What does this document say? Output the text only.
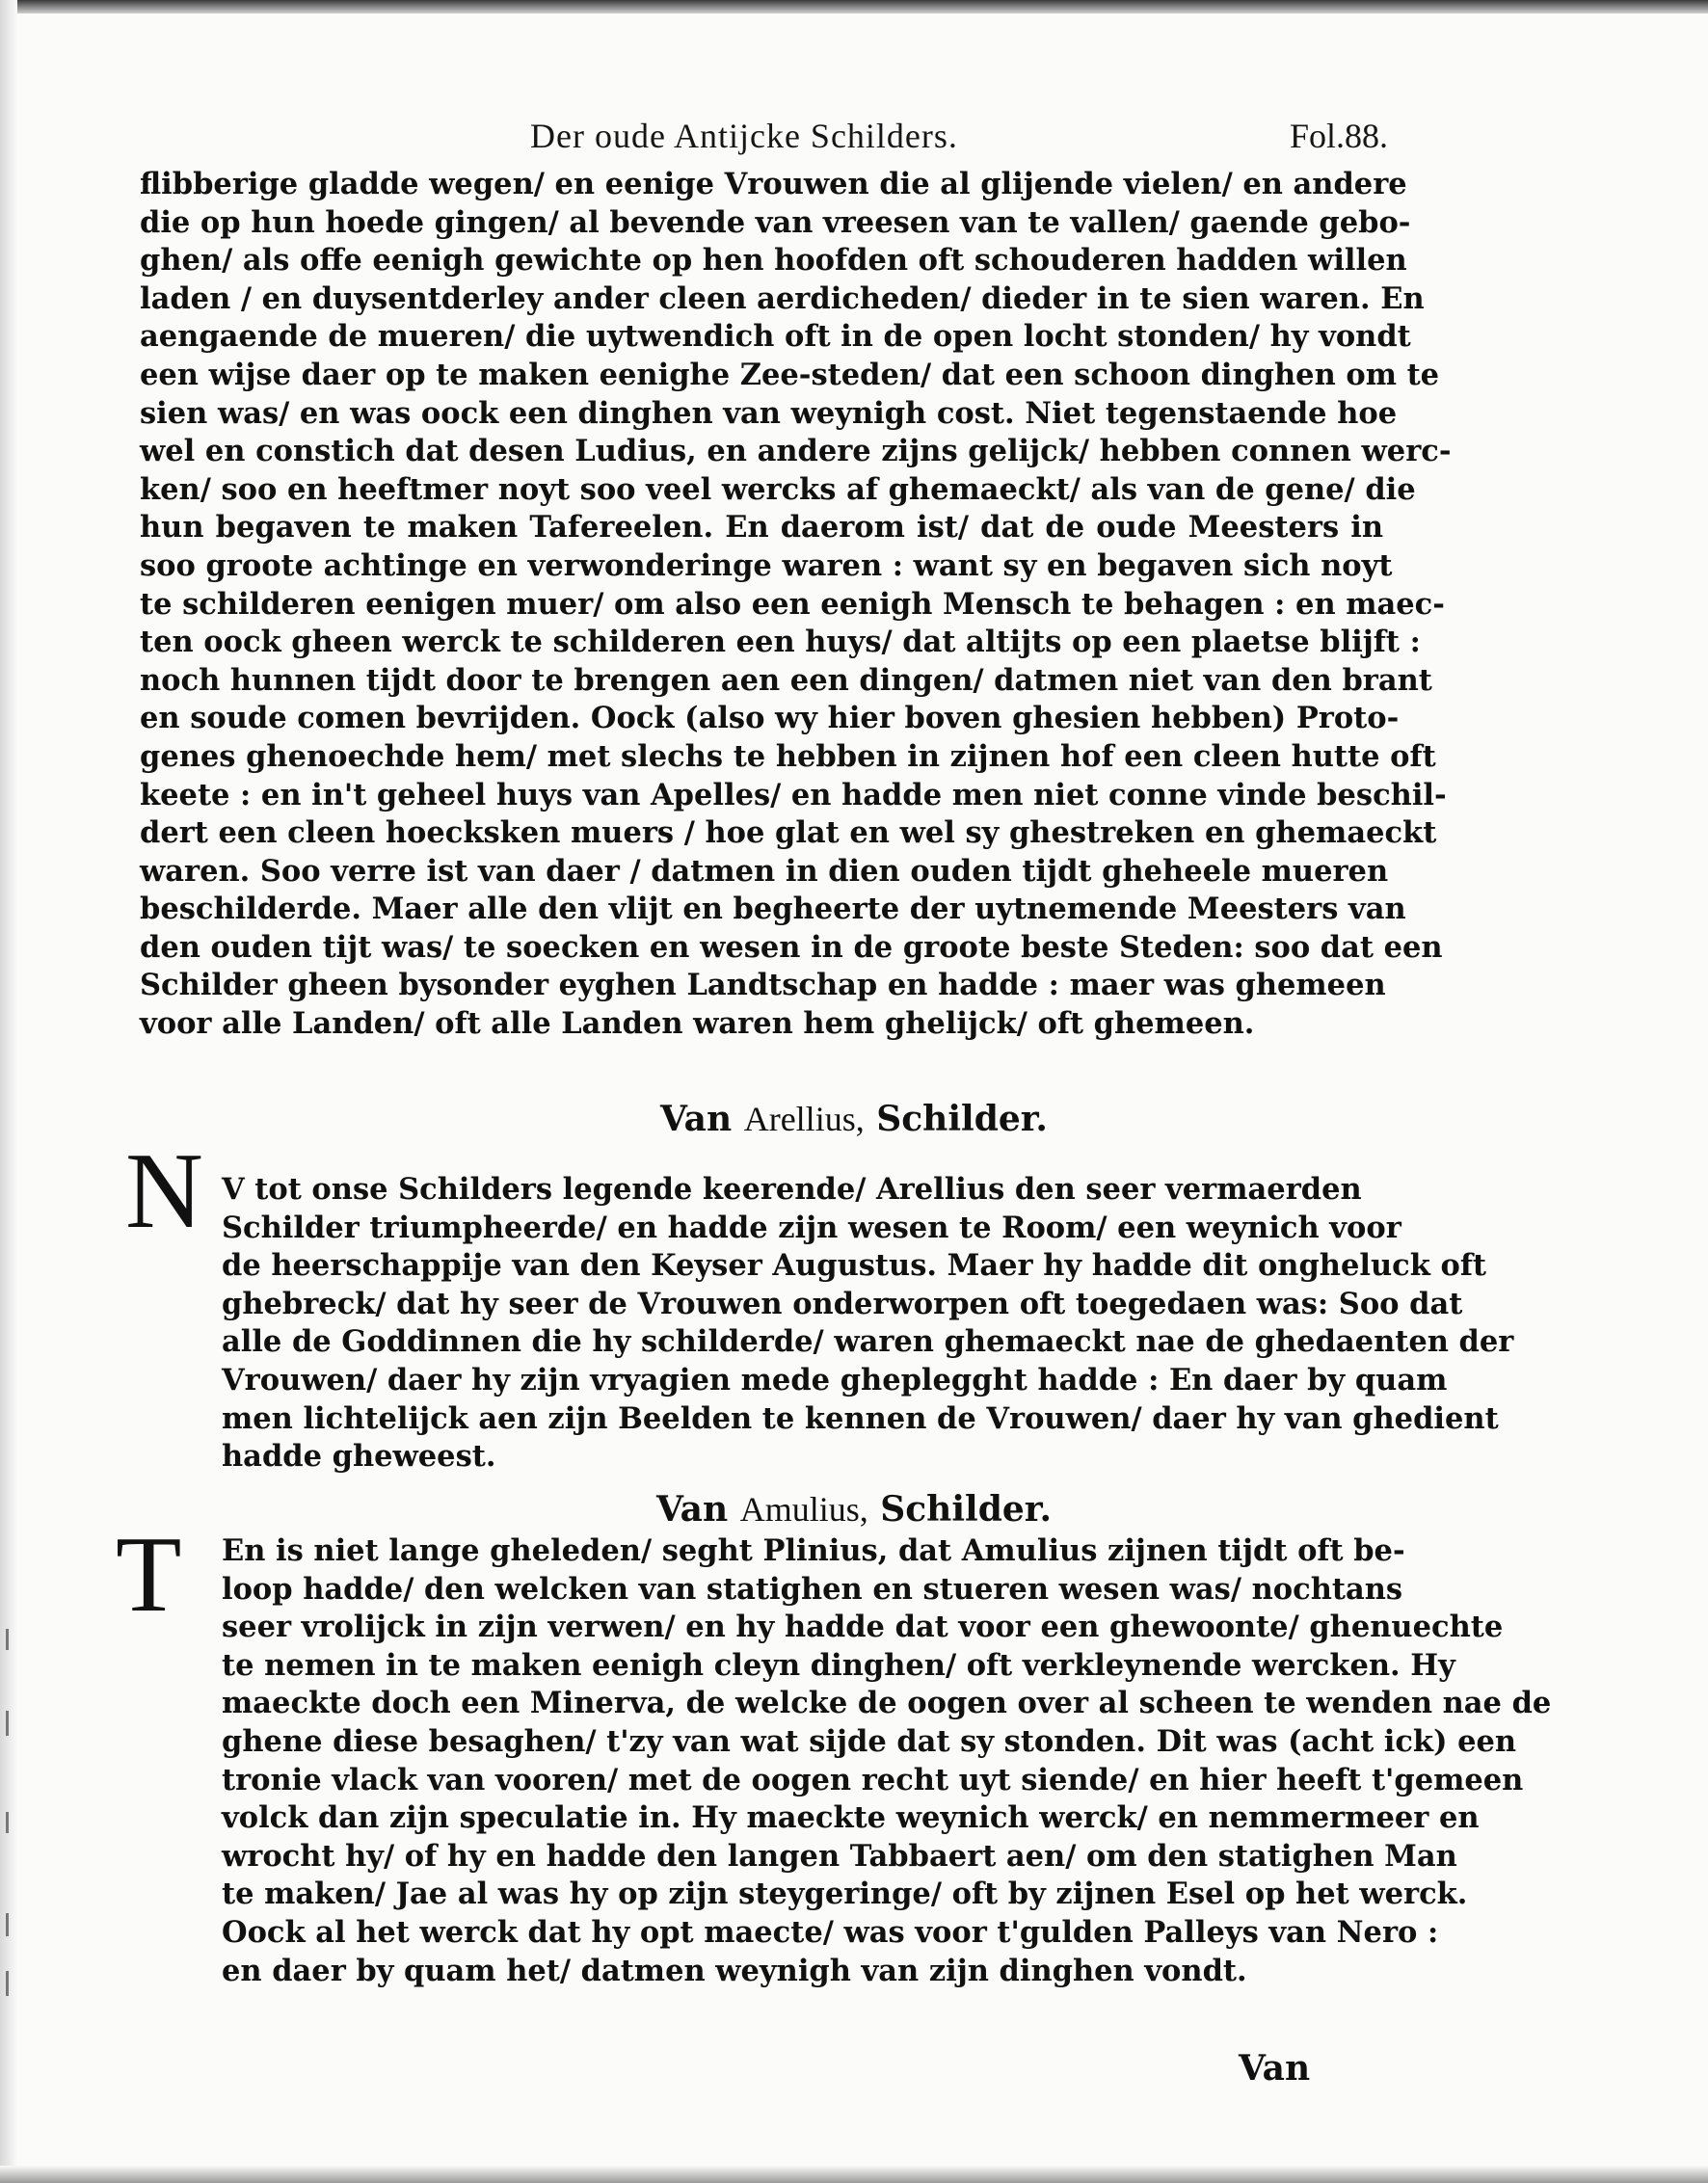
Der oude Antijcke Schilders.	Fol.88.
flibberige gladde wegen/ en eenige Vrouwen die al glijende vielen/ en andere
die op hun hoede gingen/ al bevende van vreesen van te vallen/ gaende gebo-
ghen/ als offe eenigh gewichte op hen hoofden oft schouderen hadden willen
laden / en duysentderley ander cleen aerdicheden/ dieder in te sien waren. En
aengaende de mueren/ die uytwendich oft in de open locht stonden/ hy vondt
een wijse daer op te maken eenighe Zee-steden/ dat een schoon dinghen om te
sien was/ en was oock een dinghen van weynigh cost. Niet tegenstaende hoe
wel en constich dat desen Ludius, en andere zijns gelijck/ hebben connen werc-
ken/ soo en heeftmer noyt soo veel wercks af ghemaeckt/ als van de gene/ die
hun begaven te maken Tafereelen. En daerom ist/ dat de oude Meesters in
soo groote achtinge en verwonderinge waren : want sy en begaven sich noyt
te schilderen eenigen muer/ om also een eenigh Mensch te behagen : en maec-
ten oock gheen werck te schilderen een huys/ dat altijts op een plaetse blijft :
noch hunnen tijdt door te brengen aen een dingen/ datmen niet van den brant
en soude comen bevrijden. Oock (also wy hier boven ghesien hebben) Proto-
genes ghenoechde hem/ met slechs te hebben in zijnen hof een cleen hutte oft
keete : en in't geheel huys van Apelles/ en hadde men niet conne vinde beschil-
dert een cleen hoecksken muers / hoe glat en wel sy ghestreken en ghemaeckt
waren. Soo verre ist van daer / datmen in dien ouden tijdt gheheele mueren
beschilderde. Maer alle den vlijt en begheerte der uytnemende Meesters van
den ouden tijt was/ te soecken en wesen in de groote beste Steden: soo dat een
Schilder gheen bysonder eyghen Landtschap en hadde : maer was ghemeen
voor alle Landen/ oft alle Landen waren hem ghelijck/ oft ghemeen.
Van Arellius, Schilder.
N V tot onse Schilders legende keerende/ Arellius den seer vermaerden
Schilder triumpheerde/ en hadde zijn wesen te Room/ een weynich voor
de heerschappije van den Keyser Augustus. Maer hy hadde dit ongheluck oft
ghebreck/ dat hy seer de Vrouwen onderworpen oft toegedaen was: Soo dat
alle de Goddinnen die hy schilderde/ waren ghemaeckt nae de ghedaenten der
Vrouwen/ daer hy zijn vryagien mede gheplegght hadde : En daer by quam
men lichtelijck aen zijn Beelden te kennen de Vrouwen/ daer hy van ghedient
hadde gheweest.
Van Amulius, Schilder.
T En is niet lange gheleden/ seght Plinius, dat Amulius zijnen tijdt oft be-
loop hadde/ den welcken van statighen en stueren wesen was/ nochtans
seer vrolijck in zijn verwen/ en hy hadde dat voor een ghewoonte/ ghenuechte
te nemen in te maken eenigh cleyn dinghen/ oft verkleynende wercken. Hy
maeckte doch een Minerva, de welcke de oogen over al scheen te wenden nae de
ghene diese besaghen/ t'zy van wat sijde dat sy stonden. Dit was (acht ick) een
tronie vlack van vooren/ met de oogen recht uyt siende/ en hier heeft t'gemeen
volck dan zijn speculatie in. Hy maeckte weynich werck/ en nemmermeer en
wrocht hy/ of hy en hadde den langen Tabbaert aen/ om den statighen Man
te maken/ Jae al was hy op zijn steygeringe/ oft by zijnen Esel op het werck.
Oock al het werck dat hy opt maecte/ was voor t'gulden Palleys van Nero :
en daer by quam het/ datmen weynigh van zijn dinghen vondt.
Van
